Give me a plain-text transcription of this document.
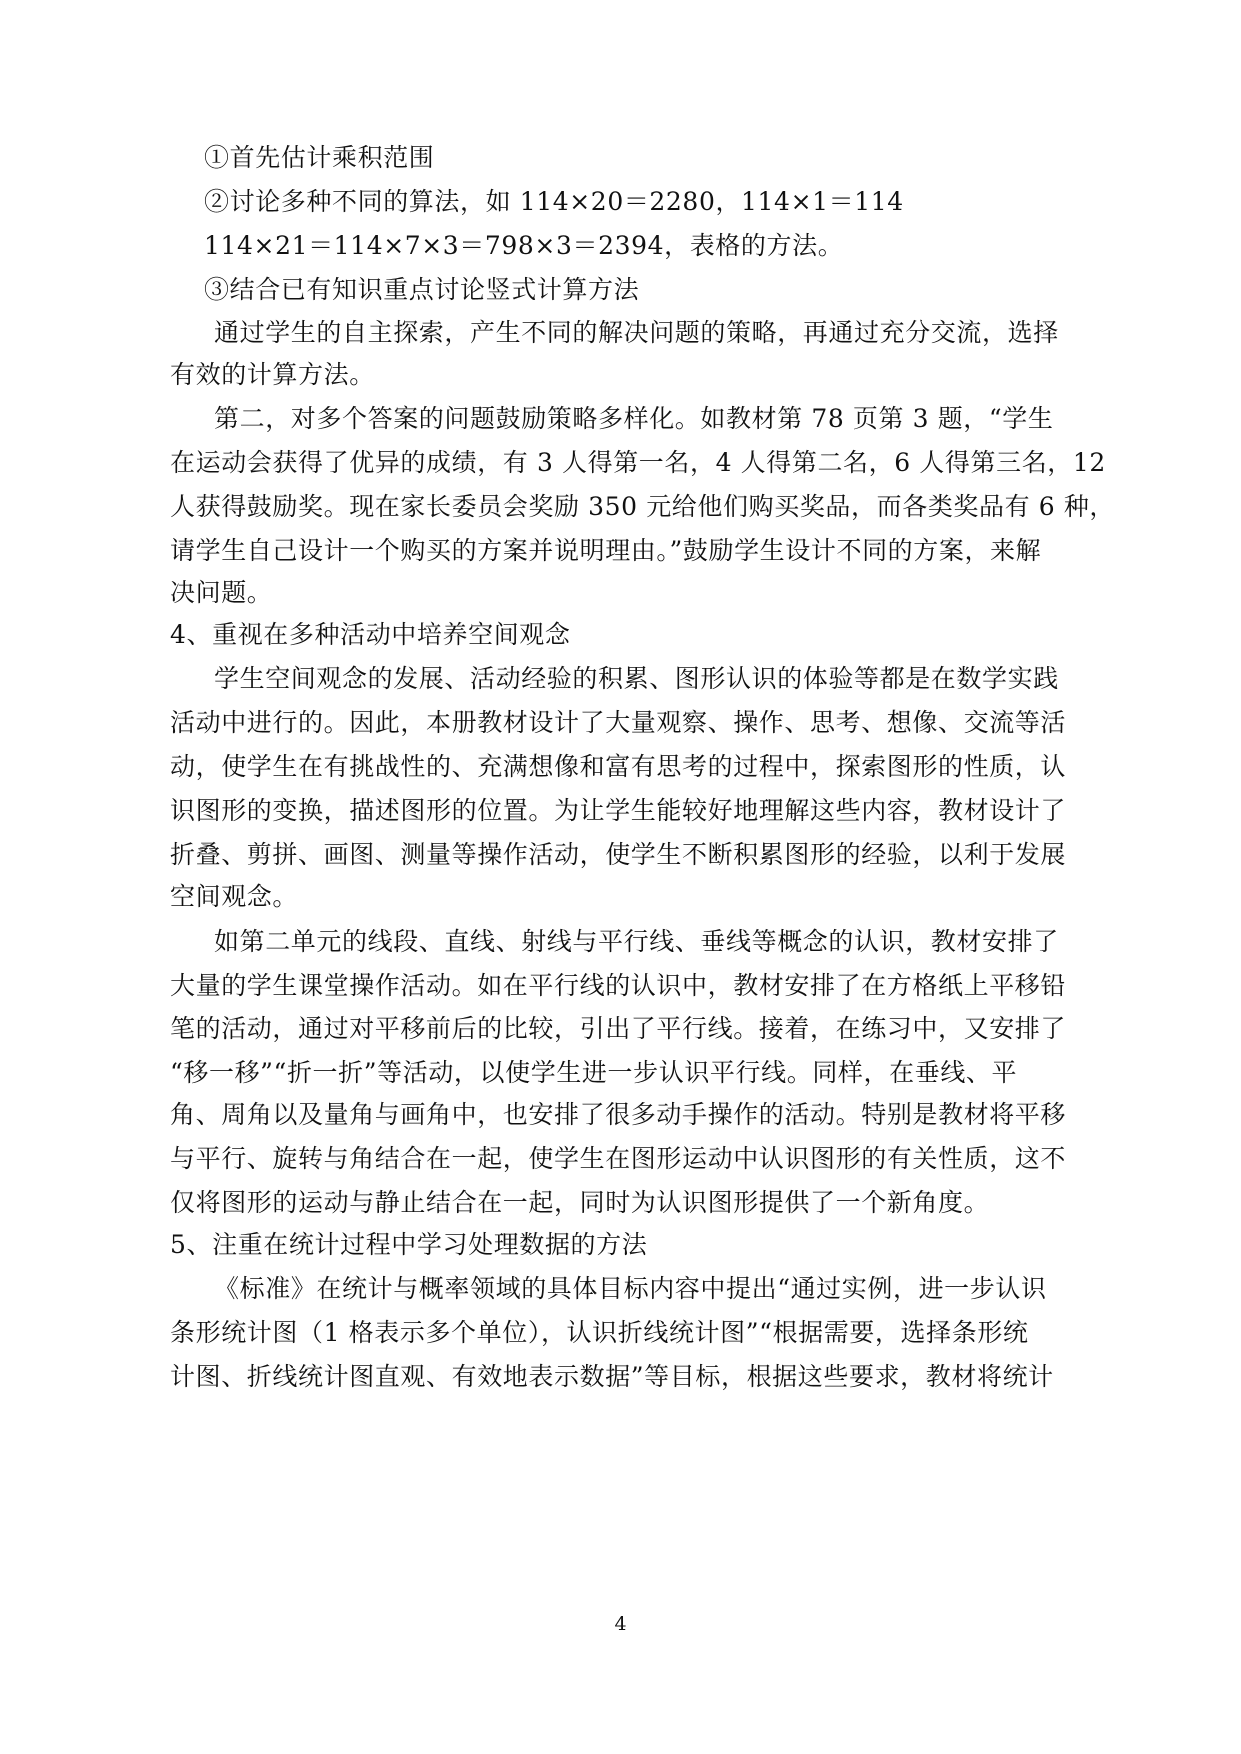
①首先估计乘积范围
②讨论多种不同的算法，如 114×20＝2280，114×1＝114
114×21＝114×7×3＝798×3＝2394，表格的方法。
③结合已有知识重点讨论竖式计算方法
通过学生的自主探索，产生不同的解决问题的策略，再通过充分交流，选择
有效的计算方法。
第二，对多个答案的问题鼓励策略多样化。如教材第 78 页第 3 题，“学生
在运动会获得了优异的成绩，有 3 人得第一名，4 人得第二名，6 人得第三名，12
人获得鼓励奖。现在家长委员会奖励 350 元给他们购买奖品，而各类奖品有 6 种，
请学生自己设计一个购买的方案并说明理由。”鼓励学生设计不同的方案，来解
决问题。
4、重视在多种活动中培养空间观念
学生空间观念的发展、活动经验的积累、图形认识的体验等都是在数学实践
活动中进行的。因此，本册教材设计了大量观察、操作、思考、想像、交流等活
动，使学生在有挑战性的、充满想像和富有思考的过程中，探索图形的性质，认
识图形的变换，描述图形的位置。为让学生能较好地理解这些内容，教材设计了
折叠、剪拼、画图、测量等操作活动，使学生不断积累图形的经验，以利于发展
空间观念。
如第二单元的线段、直线、射线与平行线、垂线等概念的认识，教材安排了
大量的学生课堂操作活动。如在平行线的认识中，教材安排了在方格纸上平移铅
笔的活动，通过对平移前后的比较，引出了平行线。接着，在练习中，又安排了
“移一移”“折一折”等活动，以使学生进一步认识平行线。同样，在垂线、平
角、周角以及量角与画角中，也安排了很多动手操作的活动。特别是教材将平移
与平行、旋转与角结合在一起，使学生在图形运动中认识图形的有关性质，这不
仅将图形的运动与静止结合在一起，同时为认识图形提供了一个新角度。
5、注重在统计过程中学习处理数据的方法
《标准》在统计与概率领域的具体目标内容中提出“通过实例，进一步认识
条形统计图（1 格表示多个单位），认识折线统计图”“根据需要，选择条形统
计图、折线统计图直观、有效地表示数据”等目标，根据这些要求，教材将统计
4
